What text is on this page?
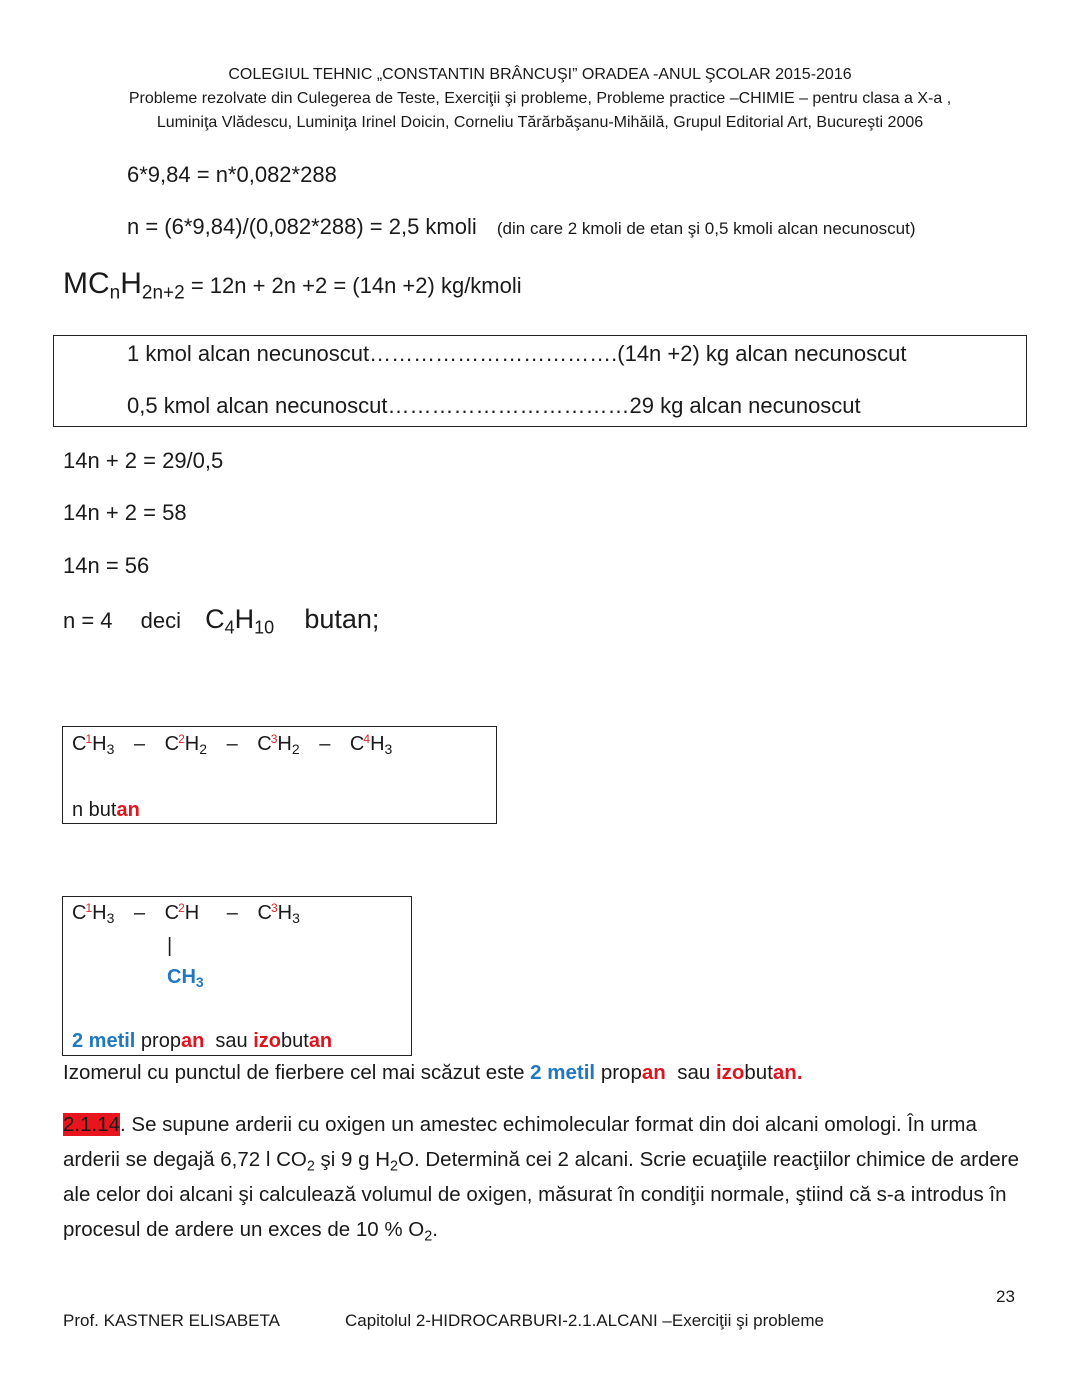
COLEGIUL TEHNIC „CONSTANTIN BRÂNCUŞI” ORADEA -ANUL ŞCOLAR 2015-2016
Probleme rezolvate din Culegerea de Teste, Exerciţii şi probleme, Probleme practice –CHIMIE – pentru clasa a X-a ,
Luminiţa Vlădescu, Luminiţa Irinel Doicin, Corneliu Tărărbăşanu-Mihăilă, Grupul Editorial Art, Bucureşti 2006
6*9,84 = n*0,082*288
n = (6*9,84)/(0,082*288) = 2,5 kmoli (din care 2 kmoli de etan şi 0,5 kmoli alcan necunoscut)
$MC_nH_{2n+2} = 12n + 2n +2 = (14n +2)$ kg/kmoli
1 kmol alcan necunoscut…………………………….(14n +2) kg alcan necunoscut
0,5 kmol alcan necunoscut……………………………29 kg alcan necunoscut
14n + 2 = 29/0,5
14n + 2 = 58
14n = 56
n = 4 deci $C_4H_{10}$ butan;
$C^1H_3 - C^2H_2 - C^3H_2 - C^4H_3$
n butan
$C^1H_3 - C^2H - C^3H_3$
|
$CH_3$
2 metil propan  sau izobutan
Izomerul cu punctul de fierbere cel mai scăzut este 2 metil propan  sau izobutan.
2.1.14. Se supune arderii cu oxigen un amestec echimolecular format din doi alcani omologi. În urma arderii se degajă 6,72 l $CO_2$ şi 9 g $H_2O$. Determină cei 2 alcani. Scrie ecuaţiile reacţiilor chimice de ardere ale celor doi alcani şi calculează volumul de oxigen, măsurat în condiţii normale, ştiind că s-a introdus în procesul de ardere un exces de 10 % $O_2$.
23
Prof. KASTNER ELISABETA	Capitolul 2-HIDROCARBURI-2.1.ALCANI –Exerciţii şi probleme
